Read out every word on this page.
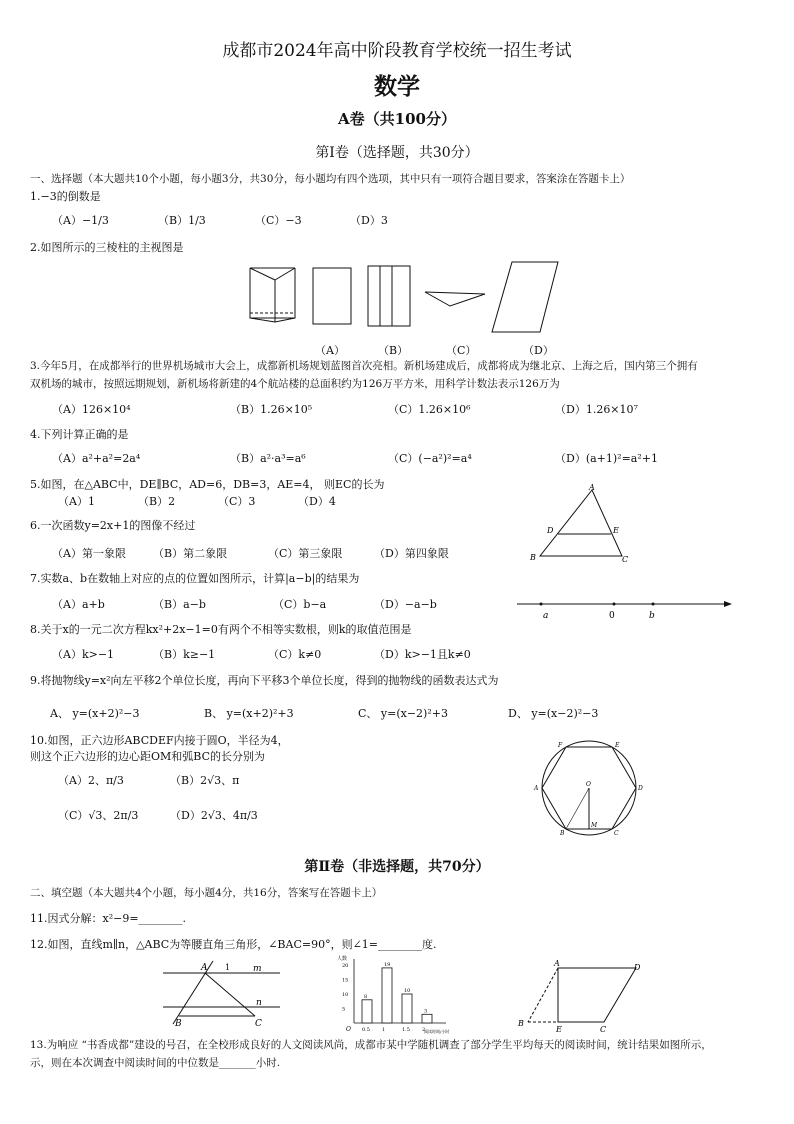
成都市2024年高中阶段教育学校统一招生考试
数学
A卷（共100分）
第Ⅰ卷（选择题，共30分）
一、选择题（本大题共10个小题，每小题3分，共30分，每小题均有四个选项，其中只有一项符合题目要求，答案涂在答题卡上）
1.−3的倒数是
（A）−1/3	（B）1/3	（C）−3	（D）3
2.如图所示的三棱柱的主视图是
（A）	（B）	（C）	（D）
3.今年5月，在成都举行的世界机场城市大会上，成都新机场规划蓝图首次亮相。新机场建成后，成都将成为继北京、上海之后，国内第三个拥有
双机场的城市，按照远期规划，新机场将新建的4个航站楼的总面积约为126万平方米，用科学计数法表示126万为
（A）126×10⁴	（B）1.26×10⁵	（C）1.26×10⁶	（D）1.26×10⁷
4.下列计算正确的是
（A）a²+a²=2a⁴	（B）a²·a³=a⁶	（C）(−a²)²=a⁴	（D）(a+1)²=a²+1
5.如图，在△ABC中，DE∥BC，AD=6，DB=3，AE=4， 则EC的长为
（A）1	（B）2	（C）3	（D）4
A
D	E
B	C
6.一次函数y=2x+1的图像不经过
（A）第一象限 （B）第二象限	（C）第三象限	（D）第四象限
7.实数a、b在数轴上对应的点的位置如图所示，计算|a−b|的结果为
（A）a+b	（B）a−b	（C）b−a	（D）−a−b
a	0	b
8.关于x的一元二次方程kx²+2x−1=0有两个不相等实数根，则k的取值范围是
（A）k>−1	（B）k≥−1	（C）k≠0	（D）k>−1且k≠0
9.将抛物线y=x²向左平移2个单位长度，再向下平移3个单位长度，得到的抛物线的函数表达式为
A、 y=(x+2)²−3	B、 y=(x+2)²+3	C、 y=(x−2)²+3	D、 y=(x−2)²−3
10.如图，正六边形ABCDEF内接于圆O，半径为4，
则这个正六边形的边心距OM和弧BC的长分别为
（A）2、π/3	（B）2√3、π
（C）√3、2π/3	（D）2√3、4π/3
F	E
A	D
B	C
O
M
第Ⅱ卷（非选择题，共70分）
二、填空题（本大题共4个小题，每小题4分，共16分，答案写在答题卡上）
11.因式分解：x²−9=________.
12.如图，直线m∥n，△ABC为等腰直角三角形，∠BAC=90°，则∠1=________度.
A 1	m
n
B	C
人数
阅读时间/小时
O
20
15
10
5
8
0.5
19
1
10
1.5
3
2
A	D
B
E	C
13.为响应 “书香成都”建设的号召，在全校形成良好的人文阅读风尚，成都市某中学随机调查了部分学生平均每天的阅读时间，统计结果如图所示，
示，则在本次调查中阅读时间的中位数是_______小时.
